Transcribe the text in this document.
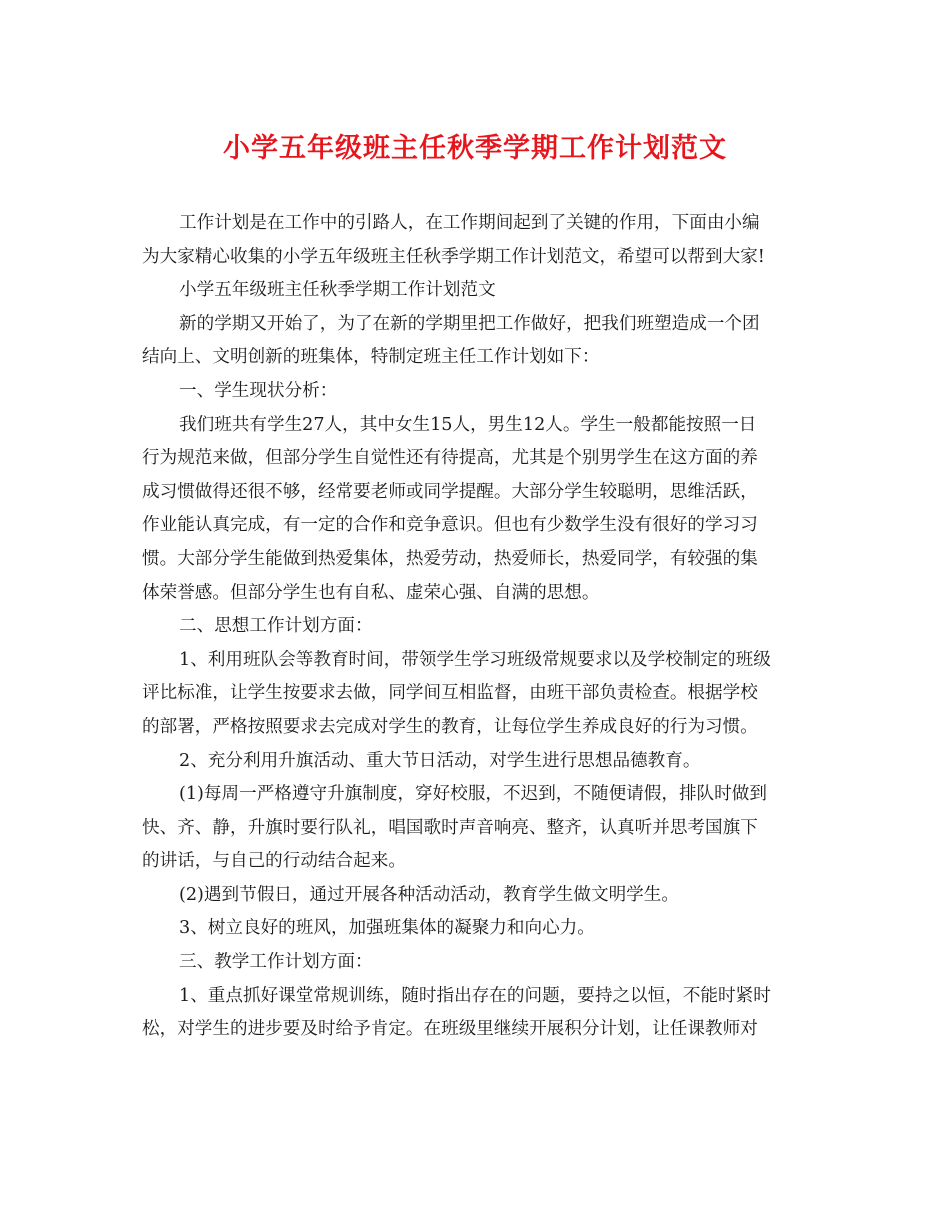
小学五年级班主任秋季学期工作计划范文
工作计划是在工作中的引路人，在工作期间起到了关键的作用，下面由小编
为大家精心收集的小学五年级班主任秋季学期工作计划范文，希望可以帮到大家!
小学五年级班主任秋季学期工作计划范文
新的学期又开始了，为了在新的学期里把工作做好，把我们班塑造成一个团
结向上、文明创新的班集体，特制定班主任工作计划如下：
一、学生现状分析：
我们班共有学生27人，其中女生15人，男生12人。学生一般都能按照一日
行为规范来做，但部分学生自觉性还有待提高，尤其是个别男学生在这方面的养
成习惯做得还很不够，经常要老师或同学提醒。大部分学生较聪明，思维活跃，
作业能认真完成，有一定的合作和竞争意识。但也有少数学生没有很好的学习习
惯。大部分学生能做到热爱集体，热爱劳动，热爱师长，热爱同学，有较强的集
体荣誉感。但部分学生也有自私、虚荣心强、自满的思想。
二、思想工作计划方面：
1、利用班队会等教育时间，带领学生学习班级常规要求以及学校制定的班级
评比标准，让学生按要求去做，同学间互相监督，由班干部负责检查。根据学校
的部署，严格按照要求去完成对学生的教育，让每位学生养成良好的行为习惯。
2、充分利用升旗活动、重大节日活动，对学生进行思想品德教育。
(1)每周一严格遵守升旗制度，穿好校服，不迟到，不随便请假，排队时做到
快、齐、静，升旗时要行队礼，唱国歌时声音响亮、整齐，认真听并思考国旗下
的讲话，与自己的行动结合起来。
(2)遇到节假日，通过开展各种活动活动，教育学生做文明学生。
3、树立良好的班风，加强班集体的凝聚力和向心力。
三、教学工作计划方面：
1、重点抓好课堂常规训练，随时指出存在的问题，要持之以恒，不能时紧时
松，对学生的进步要及时给予肯定。在班级里继续开展积分计划，让任课教师对
